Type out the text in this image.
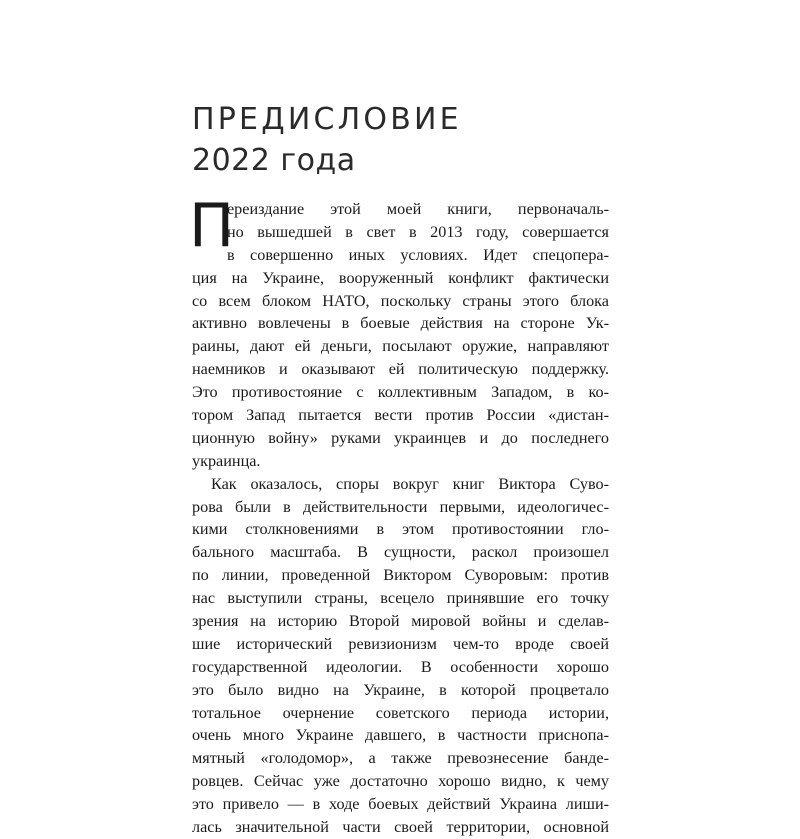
ПРЕДИСЛОВИЕ
2022 года
П
ереиздание этой моей книги, первоначаль-
но вышедшей в свет в 2013 году, совершается
в совершенно иных условиях. Идет спецопера-
ция на Украине, вооруженный конфликт фактически
со всем блоком НАТО, поскольку страны этого блока
активно вовлечены в боевые действия на стороне Ук-
раины, дают ей деньги, посылают оружие, направляют
наемников и оказывают ей политическую поддержку.
Это противостояние с коллективным Западом, в ко-
тором Запад пытается вести против России «дистан-
ционную войну» руками украинцев и до последнего
украинца.
Как оказалось, споры вокруг книг Виктора Суво-
рова были в действительности первыми, идеологичес-
кими столкновениями в этом противостоянии гло-
бального масштаба. В сущности, раскол произошел
по линии, проведенной Виктором Суворовым: против
нас выступили страны, всецело принявшие его точку
зрения на историю Второй мировой войны и сделав-
шие исторический ревизионизм чем-то вроде своей
государственной идеологии. В особенности хорошо
это было видно на Украине, в которой процветало
тотальное очернение советского периода истории,
очень много Украине давшего, в частности приснопа-
мятный «голодомор», а также превознесение банде-
ровцев. Сейчас уже достаточно хорошо видно, к чему
это привело — в ходе боевых действий Украина лиши-
лась значительной части своей территории, основной
